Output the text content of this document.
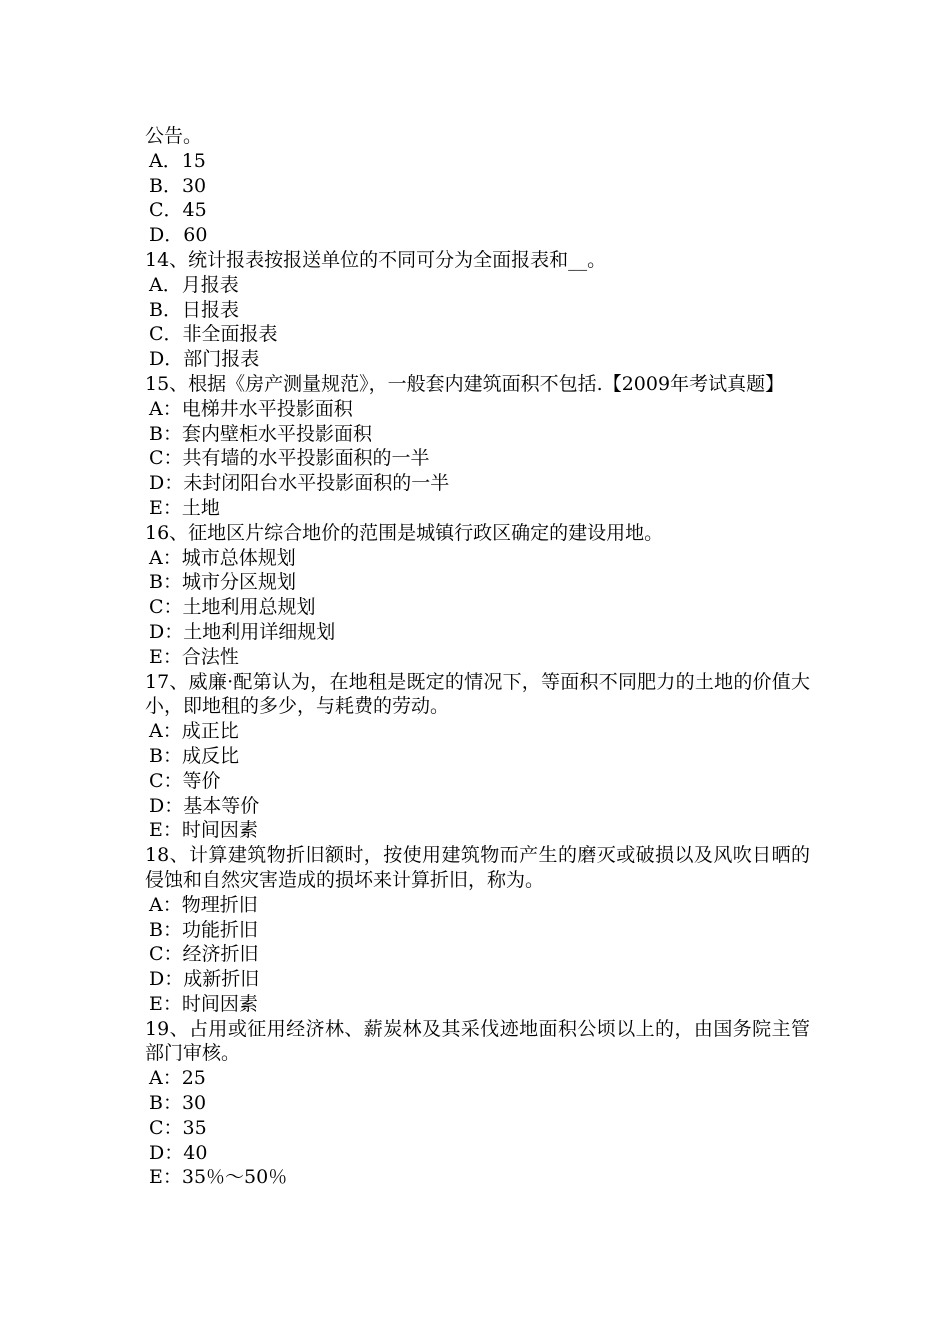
公告。
A．15
B．30
C．45
D．60
14、统计报表按报送单位的不同可分为全面报表和__。
A．月报表
B．日报表
C．非全面报表
D．部门报表
15、根据《房产测量规范》，一般套内建筑面积不包括.【2009年考试真题】
A：电梯井水平投影面积
B：套内壁柜水平投影面积
C：共有墙的水平投影面积的一半
D：未封闭阳台水平投影面积的一半
E：土地
16、征地区片综合地价的范围是城镇行政区确定的建设用地。
A：城市总体规划
B：城市分区规划
C：土地利用总规划
D：土地利用详细规划
E：合法性
17、威廉·配第认为，在地租是既定的情况下，等面积不同肥力的土地的价值大小，即地租的多少，与耗费的劳动。
A：成正比
B：成反比
C：等价
D：基本等价
E：时间因素
18、计算建筑物折旧额时，按使用建筑物而产生的磨灭或破损以及风吹日晒的侵蚀和自然灾害造成的损坏来计算折旧，称为。
A：物理折旧
B：功能折旧
C：经济折旧
D：成新折旧
E：时间因素
19、占用或征用经济林、薪炭林及其采伐迹地面积公顷以上的，由国务院主管部门审核。
A：25
B：30
C：35
D：40
E：35％～50％
